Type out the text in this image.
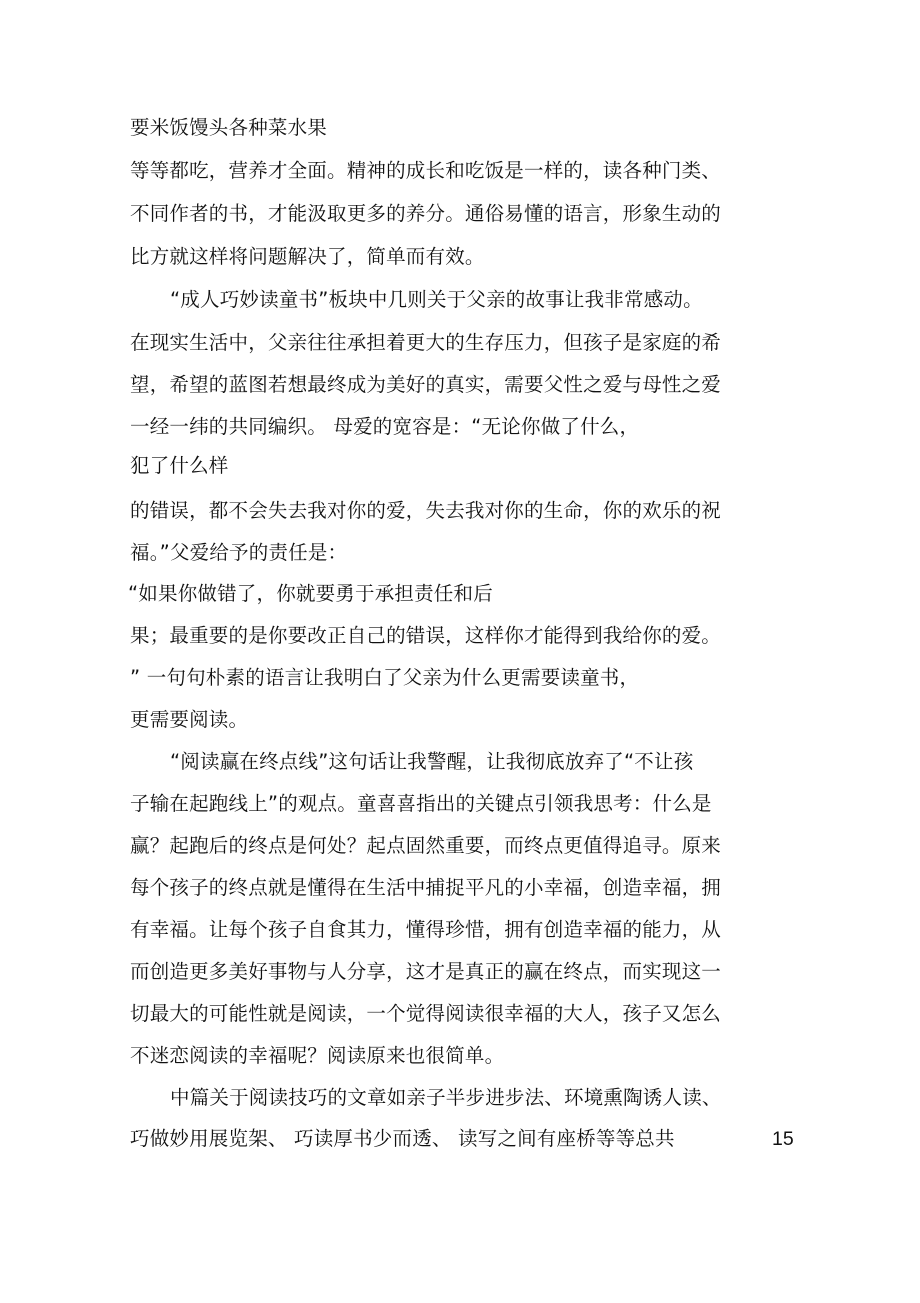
要米饭馒头各种菜水果
等等都吃，营养才全面。精神的成长和吃饭是一样的，读各种门类、
不同作者的书，才能汲取更多的养分。通俗易懂的语言，形象生动的
比方就这样将问题解决了，简单而有效。
“成人巧妙读童书”板块中几则关于父亲的故事让我非常感动。
在现实生活中，父亲往往承担着更大的生存压力，但孩子是家庭的希
望，希望的蓝图若想最终成为美好的真实，需要父性之爱与母性之爱
一经一纬的共同编织。 母爱的宽容是：“无论你做了什么，
犯了什么样
的错误，都不会失去我对你的爱，失去我对你的生命，你的欢乐的祝
福。”父爱给予的责任是：
“如果你做错了，你就要勇于承担责任和后
果；最重要的是你要改正自己的错误，这样你才能得到我给你的爱。
” 一句句朴素的语言让我明白了父亲为什么更需要读童书，
更需要阅读。
“阅读赢在终点线”这句话让我警醒，让我彻底放弃了“不让孩
子输在起跑线上”的观点。童喜喜指出的关键点引领我思考：什么是
赢？起跑后的终点是何处？起点固然重要，而终点更值得追寻。原来
每个孩子的终点就是懂得在生活中捕捉平凡的小幸福，创造幸福，拥
有幸福。让每个孩子自食其力，懂得珍惜，拥有创造幸福的能力，从
而创造更多美好事物与人分享，这才是真正的赢在终点，而实现这一
切最大的可能性就是阅读，一个觉得阅读很幸福的大人，孩子又怎么
不迷恋阅读的幸福呢？阅读原来也很简单。
中篇关于阅读技巧的文章如亲子半步进步法、环境熏陶诱人读、
巧做妙用展览架、 巧读厚书少而透、 读写之间有座桥等等总共	15
